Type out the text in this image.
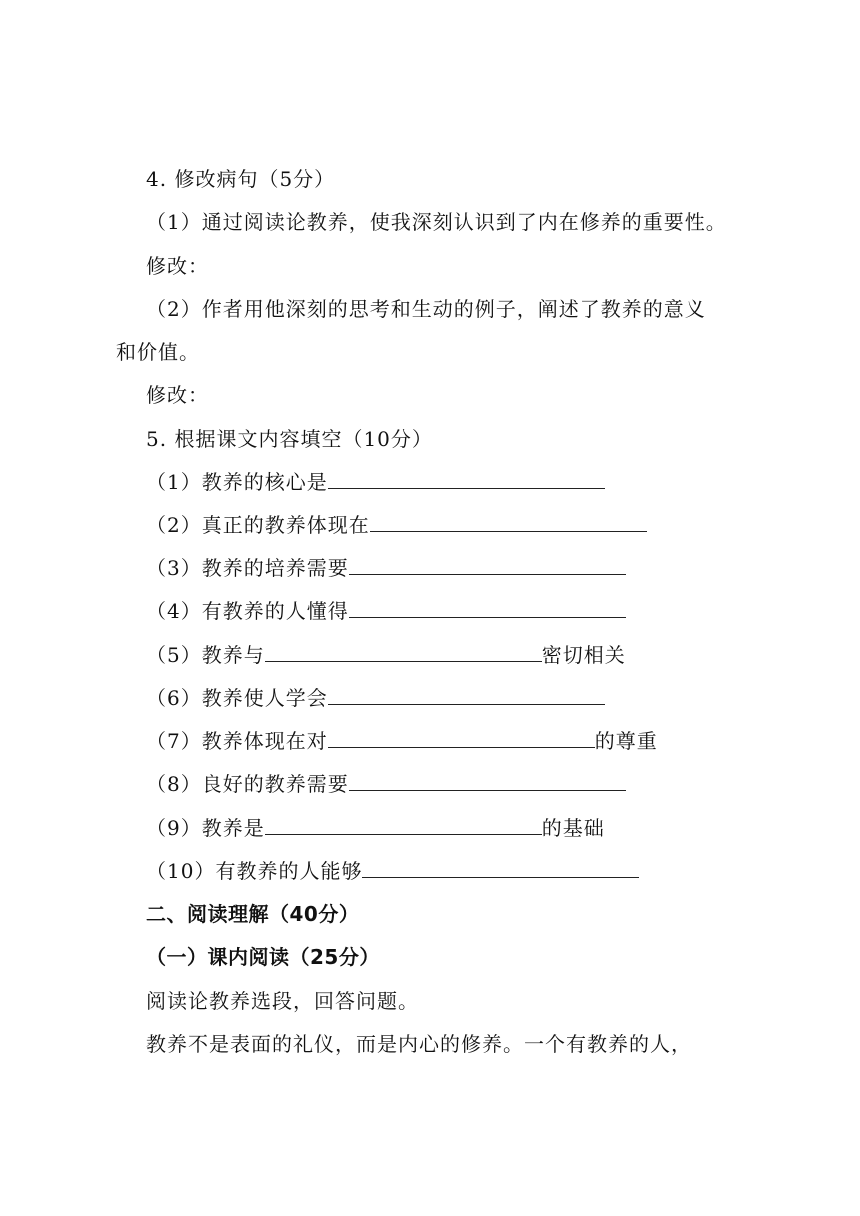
4. 修改病句（5分）
（1）通过阅读论教养，使我深刻认识到了内在修养的重要性。
修改：
（2）作者用他深刻的思考和生动的例子，阐述了教养的意义
和价值。
修改：
5. 根据课文内容填空（10分）
（1）教养的核心是
（2）真正的教养体现在
（3）教养的培养需要
（4）有教养的人懂得
（5）教养与	密切相关
（6）教养使人学会
（7）教养体现在对	的尊重
（8）良好的教养需要
（9）教养是	的基础
（10）有教养的人能够
二、阅读理解（40分）
（一）课内阅读（25分）
阅读论教养选段，回答问题。
教养不是表面的礼仪，而是内心的修养。一个有教养的人，
